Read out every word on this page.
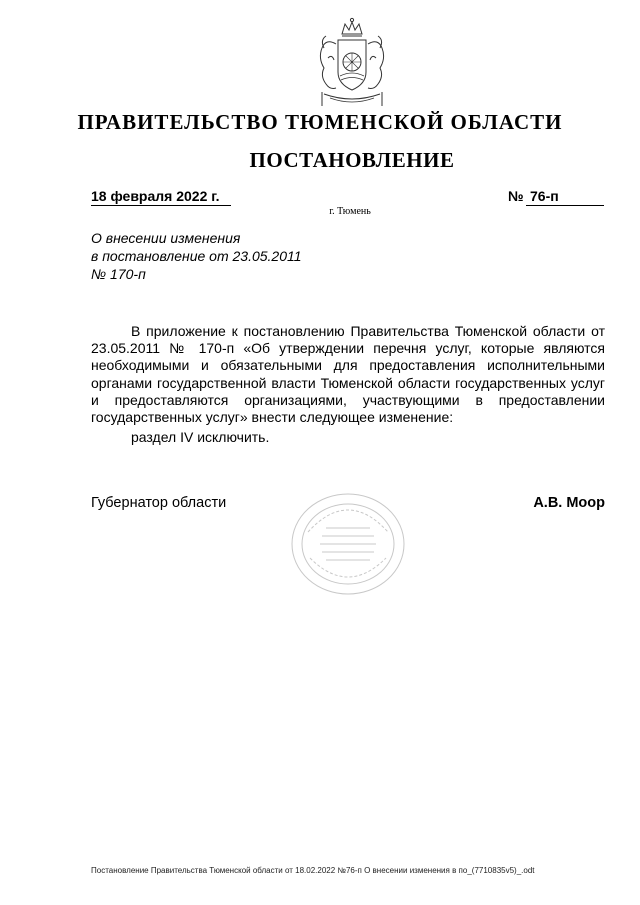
ПРАВИТЕЛЬСТВО ТЮМЕНСКОЙ ОБЛАСТИ
ПОСТАНОВЛЕНИЕ
18 февраля 2022 г.	№ 76-п
г. Тюмень
О внесении изменения
в постановление от 23.05.2011
№ 170-п
В приложение к постановлению Правительства Тюменской области от 23.05.2011 № 170-п «Об утверждении перечня услуг, которые являются необходимыми и обязательными для предоставления исполнительными органами государственной власти Тюменской области государственных услуг и предоставляются организациями, участвующими в предоставлении государственных услуг» внести следующее изменение:
раздел IV исключить.
Губернатор области	А.В. Моор
Постановление Правительства Тюменской области от 18.02.2022 №76-п О внесении изменения в по_(7710835v5)_.odt
